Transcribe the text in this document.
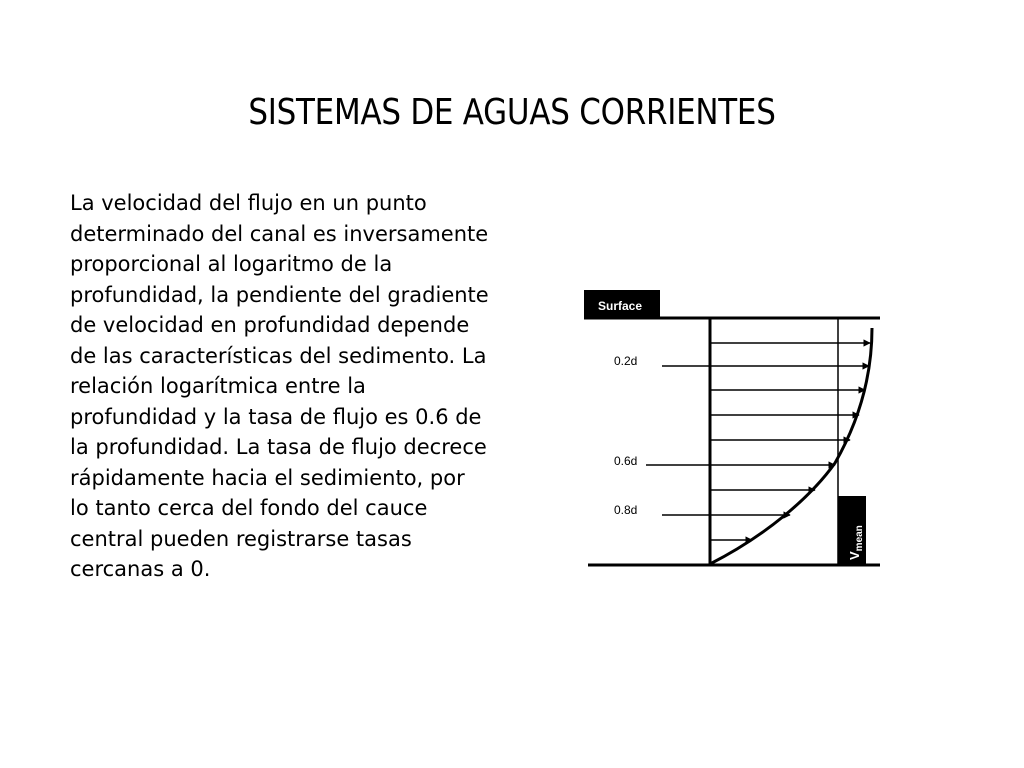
SISTEMAS DE AGUAS CORRIENTES
La velocidad del flujo en un punto determinado del canal es inversamente proporcional al logaritmo de la profundidad, la pendiente del gradiente de velocidad en profundidad depende de las características del sedimento. La relación logarítmica entre la profundidad y la tasa de flujo es 0.6 de la profundidad. La tasa de flujo decrece rápidamente hacia el sedimiento, por lo tanto cerca del fondo del cauce central pueden registrarse tasas cercanas a 0.
Surface
0.2d
0.6d
0.8d
Vmean
